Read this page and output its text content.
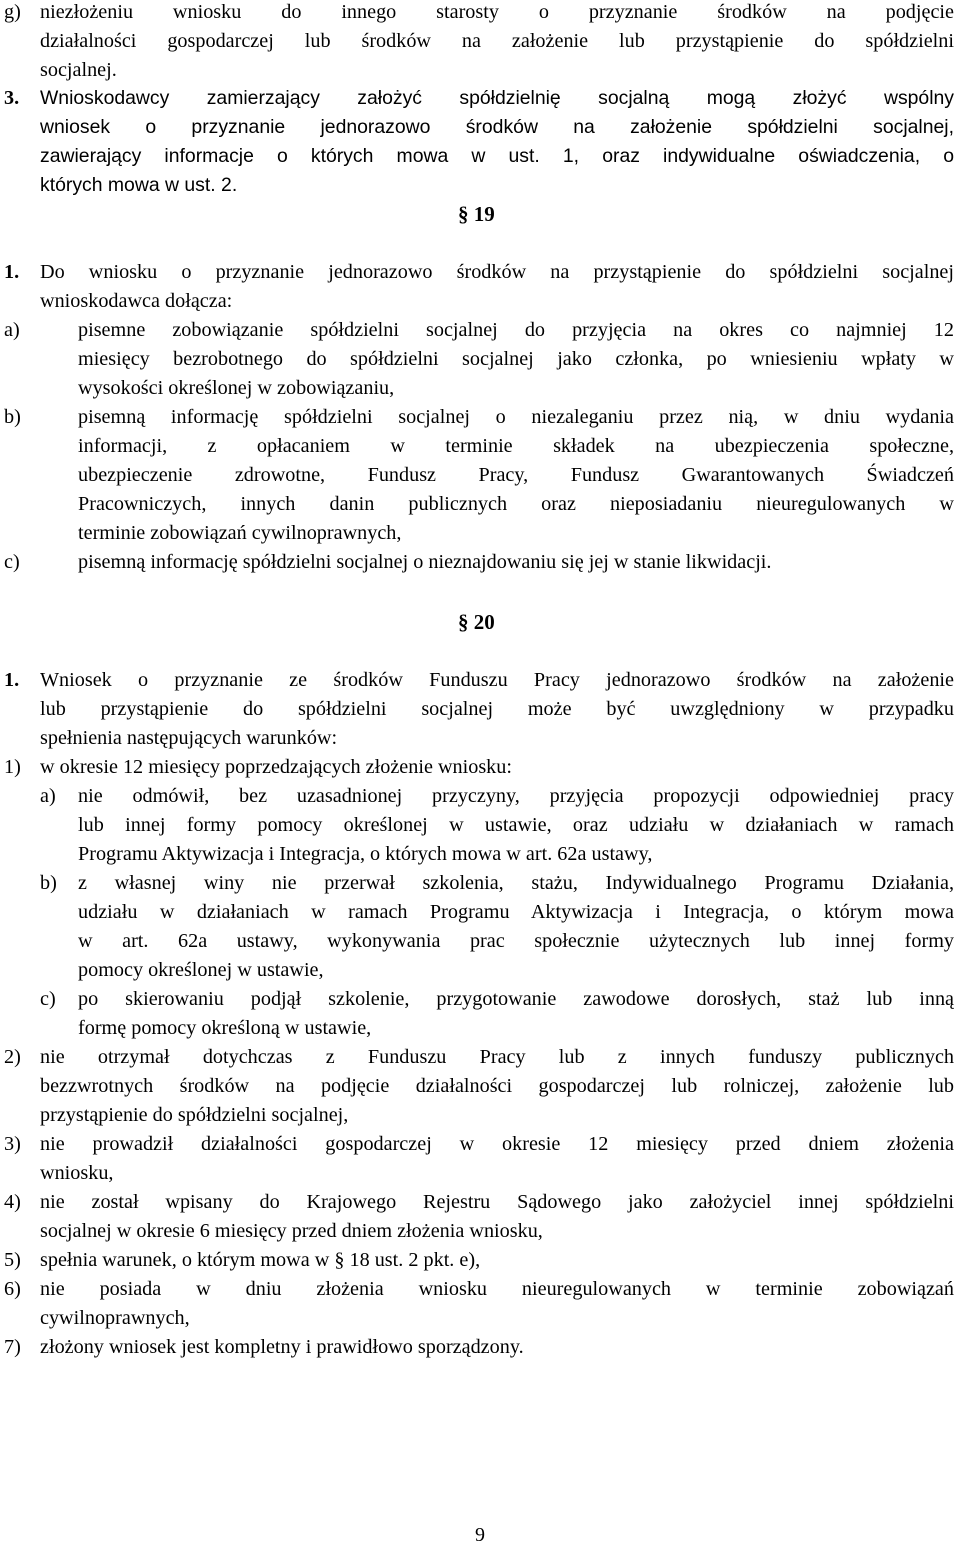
g) niezłożeniu wniosku do innego starosty o przyznanie środków na podjęcie
działalności gospodarczej lub środków na założenie lub przystąpienie do spółdzielni
socjalnej.
3. Wnioskodawcy zamierzający założyć spółdzielnię socjalną mogą złożyć wspólny
wniosek o przyznanie jednorazowo środków na założenie spółdzielni socjalnej,
zawierający informacje o których mowa w ust. 1, oraz indywidualne oświadczenia, o
których mowa w ust. 2.
§ 19
1. Do wniosku o przyznanie jednorazowo środków na przystąpienie do spółdzielni socjalnej
wnioskodawca dołącza:
a)	pisemne zobowiązanie spółdzielni socjalnej do przyjęcia na okres co najmniej 12
miesięcy bezrobotnego do spółdzielni socjalnej jako członka, po wniesieniu wpłaty w
wysokości określonej w zobowiązaniu,
b)	pisemną informację spółdzielni socjalnej o niezaleganiu przez nią, w dniu wydania
informacji, z opłacaniem w terminie składek na ubezpieczenia społeczne,
ubezpieczenie zdrowotne, Fundusz Pracy, Fundusz Gwarantowanych Świadczeń
Pracowniczych, innych danin publicznych oraz nieposiadaniu nieuregulowanych w
terminie zobowiązań cywilnoprawnych,
c)	pisemną informację spółdzielni socjalnej o nieznajdowaniu się jej w stanie likwidacji.
§ 20
1. Wniosek o przyznanie ze środków Funduszu Pracy jednorazowo środków na założenie
lub przystąpienie do spółdzielni socjalnej może być uwzględniony w przypadku
spełnienia następujących warunków:
1) w okresie 12 miesięcy poprzedzających złożenie wniosku:
a) nie odmówił, bez uzasadnionej przyczyny, przyjęcia propozycji odpowiedniej pracy
lub innej formy pomocy określonej w ustawie, oraz udziału w działaniach w ramach
Programu Aktywizacja i Integracja, o których mowa w art. 62a ustawy,
b) z własnej winy nie przerwał szkolenia, stażu, Indywidualnego Programu Działania,
udziału w działaniach w ramach Programu Aktywizacja i Integracja, o którym mowa
w art. 62a ustawy, wykonywania prac społecznie użytecznych lub innej formy
pomocy określonej w ustawie,
c) po skierowaniu podjął szkolenie, przygotowanie zawodowe dorosłych, staż lub inną
formę pomocy określoną w ustawie,
2) nie otrzymał dotychczas z Funduszu Pracy lub z innych funduszy publicznych
bezzwrotnych środków na podjęcie działalności gospodarczej lub rolniczej, założenie lub
przystąpienie do spółdzielni socjalnej,
3) nie prowadził działalności gospodarczej w okresie 12 miesięcy przed dniem złożenia
wniosku,
4) nie został wpisany do Krajowego Rejestru Sądowego jako założyciel innej spółdzielni
socjalnej w okresie 6 miesięcy przed dniem złożenia wniosku,
5) spełnia warunek, o którym mowa w § 18 ust. 2 pkt. e),
6) nie posiada w dniu złożenia wniosku nieuregulowanych w terminie zobowiązań
cywilnoprawnych,
7) złożony wniosek jest kompletny i prawidłowo sporządzony.
9
